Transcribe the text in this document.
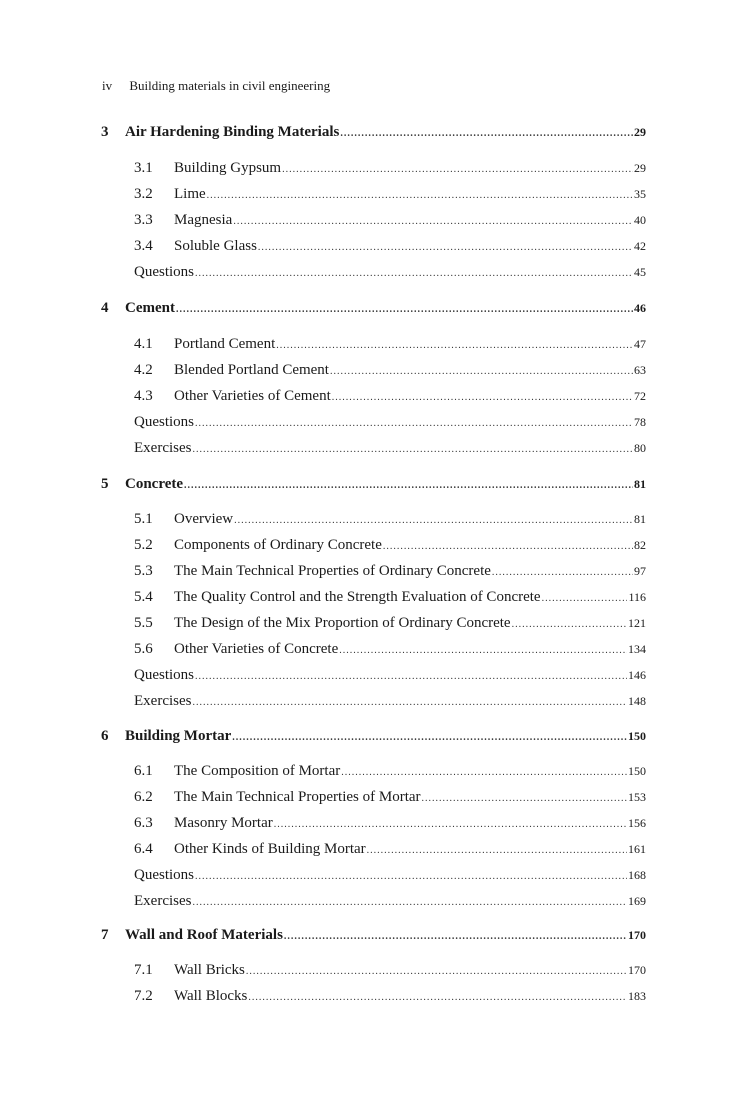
iv Building materials in civil engineering
3	Air Hardening Binding Materials .....	29
3.1	Building Gypsum .....	29
3.2	Lime .....	35
3.3	Magnesia .....	40
3.4	Soluble Glass .....	42
Questions .....	45
4	Cement .....	46
4.1	Portland Cement .....	47
4.2	Blended Portland Cement .....	63
4.3	Other Varieties of Cement .....	72
Questions .....	78
Exercises .....	80
5	Concrete .....	81
5.1	Overview .....	81
5.2	Components of Ordinary Concrete .....	82
5.3	The Main Technical Properties of Ordinary Concrete .....	97
5.4	The Quality Control and the Strength Evaluation of Concrete .....	116
5.5	The Design of the Mix Proportion of Ordinary Concrete .....	121
5.6	Other Varieties of Concrete .....	134
Questions .....	146
Exercises .....	148
6	Building Mortar .....	150
6.1	The Composition of Mortar .....	150
6.2	The Main Technical Properties of Mortar .....	153
6.3	Masonry Mortar .....	156
6.4	Other Kinds of Building Mortar .....	161
Questions .....	168
Exercises .....	169
7	Wall and Roof Materials .....	170
7.1	Wall Bricks .....	170
7.2	Wall Blocks .....	183
